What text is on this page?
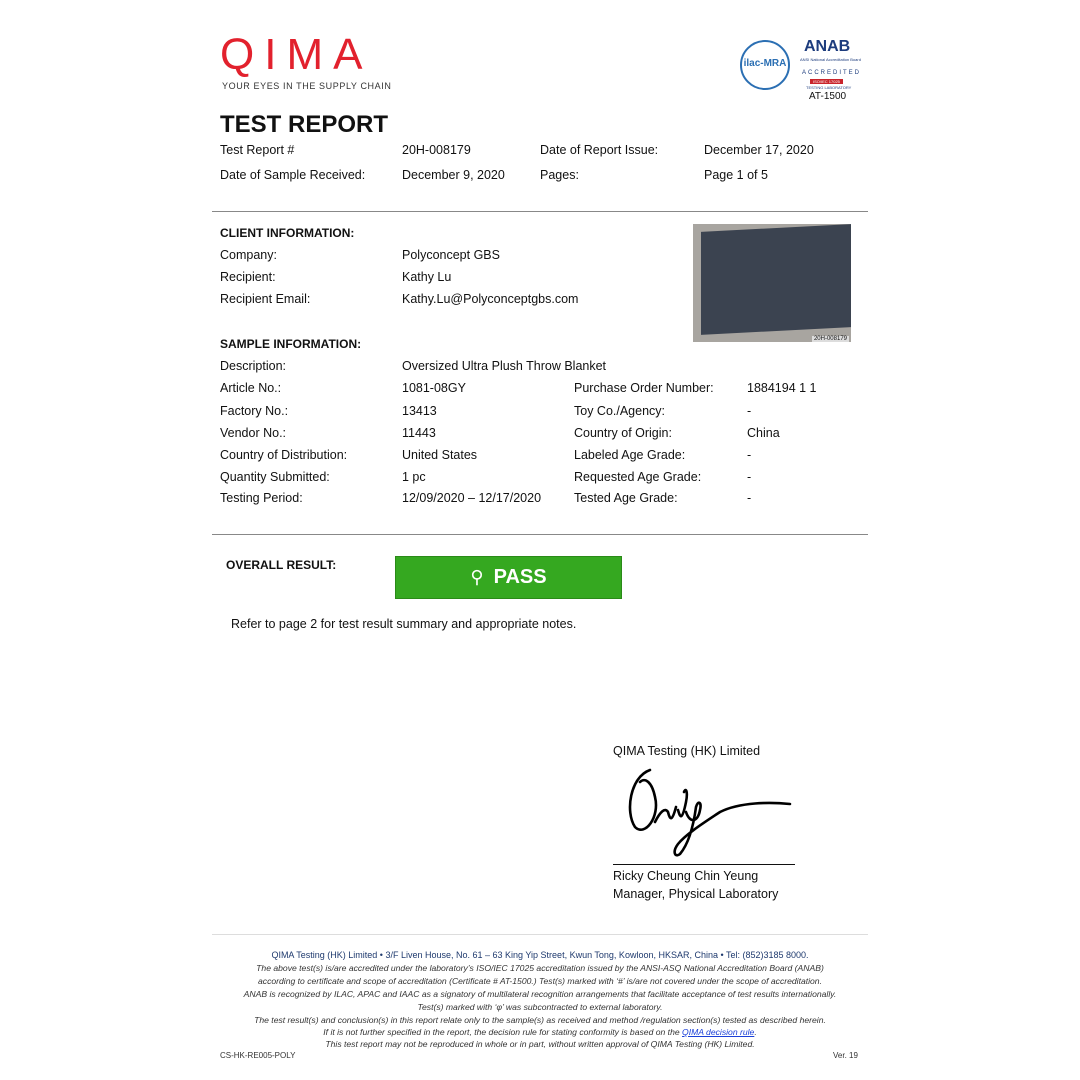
QIMA
YOUR EYES IN THE SUPPLY CHAIN
ilac-MRA
ANAB
ANSI National Accreditation Board
ACCREDITED
ISO/IEC 17025
TESTING LABORATORY
AT-1500
TEST REPORT
Test Report #	20H-008179	Date of Report Issue:	December 17, 2020
Date of Sample Received:	December 9, 2020	Pages:	Page 1 of 5
CLIENT INFORMATION:
Company:	Polyconcept GBS
Recipient:	Kathy Lu
Recipient Email:	Kathy.Lu@Polyconceptgbs.com
20H-008179
SAMPLE INFORMATION:
Description:	Oversized Ultra Plush Throw Blanket
Article No.:	1081-08GY	Purchase Order Number:	1884194 1 1
Factory No.:	13413	Toy Co./Agency:	-
Vendor No.:	11443	Country of Origin:	China
Country of Distribution:	United States	Labeled Age Grade:	-
Quantity Submitted:	1 pc	Requested Age Grade:	-
Testing Period:	12/09/2020 – 12/17/2020	Tested Age Grade:	-
OVERALL RESULT:
⚲ PASS
Refer to page 2 for test result summary and appropriate notes.
QIMA Testing (HK) Limited
Ricky Cheung Chin Yeung
Manager, Physical Laboratory
QIMA Testing (HK) Limited • 3/F Liven House, No. 61 – 63 King Yip Street, Kwun Tong, Kowloon, HKSAR, China • Tel: (852)3185 8000.
The above test(s) is/are accredited under the laboratory’s ISO/IEC 17025 accreditation issued by the ANSI-ASQ National Accreditation Board (ANAB)
according to certificate and scope of accreditation (Certificate # AT-1500.) Test(s) marked with ‘#’ is/are not covered under the scope of accreditation.
ANAB is recognized by ILAC, APAC and IAAC as a signatory of multilateral recognition arrangements that facilitate acceptance of test results internationally.
Test(s) marked with ‘φ’ was subcontracted to external laboratory.
The test result(s) and conclusion(s) in this report relate only to the sample(s) as received and method /regulation section(s) tested as described herein.
If it is not further specified in the report, the decision rule for stating conformity is based on the QIMA decision rule.
This test report may not be reproduced in whole or in part, without written approval of QIMA Testing (HK) Limited.
CS-HK-RE005-POLY	Ver. 19
